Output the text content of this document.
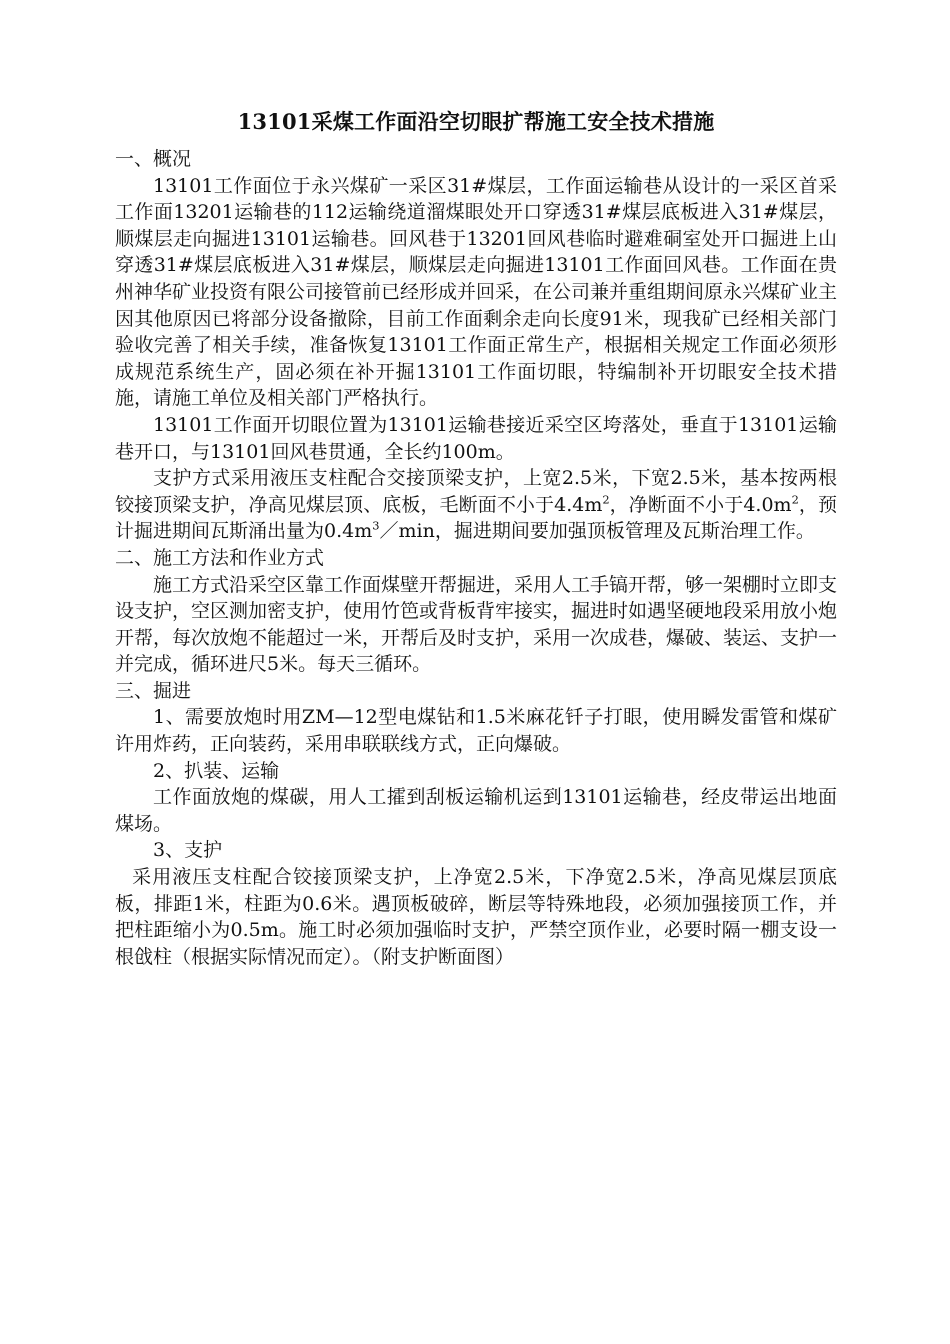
13101采煤工作面沿空切眼扩帮施工安全技术措施
一、概况
13101工作面位于永兴煤矿一采区31#煤层，工作面运输巷从设计的一采区首采工作面13201运输巷的112运输绕道溜煤眼处开口穿透31#煤层底板进入31#煤层，顺煤层走向掘进13101运输巷。回风巷于13201回风巷临时避难硐室处开口掘进上山穿透31#煤层底板进入31#煤层，顺煤层走向掘进13101工作面回风巷。工作面在贵州神华矿业投资有限公司接管前已经形成并回采，在公司兼并重组期间原永兴煤矿业主因其他原因已将部分设备撤除，目前工作面剩余走向长度91米，现我矿已经相关部门验收完善了相关手续，准备恢复13101工作面正常生产，根据相关规定工作面必须形成规范系统生产，固必须在补开掘13101工作面切眼，特编制补开切眼安全技术措施，请施工单位及相关部门严格执行。
13101工作面开切眼位置为13101运输巷接近采空区垮落处，垂直于13101运输巷开口，与13101回风巷贯通，全长约100m。
支护方式采用液压支柱配合交接顶梁支护，上宽2.5米，下宽2.5米，基本按两根铰接顶梁支护，净高见煤层顶、底板，毛断面不小于$4.4m^2$，净断面不小于$4.0m^2$，预计掘进期间瓦斯涌出量为$0.4m^3/\min$，掘进期间要加强顶板管理及瓦斯治理工作。
二、施工方法和作业方式
施工方式沿采空区靠工作面煤壁开帮掘进，采用人工手镐开帮，够一架棚时立即支设支护，空区测加密支护，使用竹笆或背板背牢接实，掘进时如遇坚硬地段采用放小炮开帮，每次放炮不能超过一米，开帮后及时支护，采用一次成巷，爆破、装运、支护一并完成，循环进尺5米。每天三循环。
三、掘进
1、需要放炮时用ZM—12型电煤钻和1.5米麻花钎子打眼，使用瞬发雷管和煤矿许用炸药，正向装药，采用串联联线方式，正向爆破。
2、扒装、运输
工作面放炮的煤碳，用人工攉到刮板运输机运到13101运输巷，经皮带运出地面煤场。
3、支护
采用液压支柱配合铰接顶梁支护，上净宽2.5米，下净宽2.5米，净高见煤层顶底板，排距1米，柱距为0.6米。遇顶板破碎，断层等特殊地段，必须加强接顶工作，并把柱距缩小为0.5m。施工时必须加强临时支护，严禁空顶作业，必要时隔一棚支设一根戗柱（根据实际情况而定）。（附支护断面图）
